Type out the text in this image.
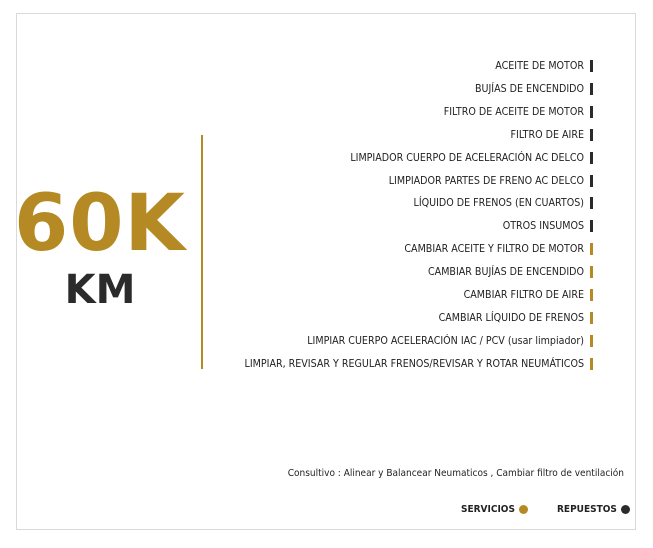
60K
KM
ACEITE DE MOTOR
BUJÍAS DE ENCENDIDO
FILTRO DE ACEITE DE MOTOR
FILTRO DE AIRE
LIMPIADOR CUERPO DE ACELERACIÓN AC DELCO
LIMPIADOR PARTES DE FRENO AC DELCO
LÍQUIDO DE FRENOS (EN CUARTOS)
OTROS INSUMOS
CAMBIAR ACEITE Y FILTRO DE MOTOR
CAMBIAR BUJÍAS DE ENCENDIDO
CAMBIAR FILTRO DE AIRE
CAMBIAR LÍQUIDO DE FRENOS
LIMPIAR CUERPO ACELERACIÓN IAC / PCV (usar limpiador)
LIMPIAR, REVISAR Y REGULAR FRENOS/REVISAR Y ROTAR NEUMÁTICOS
Consultivo : Alinear y Balancear Neumaticos , Cambiar filtro de ventilación
SERVICIOS	REPUESTOS
